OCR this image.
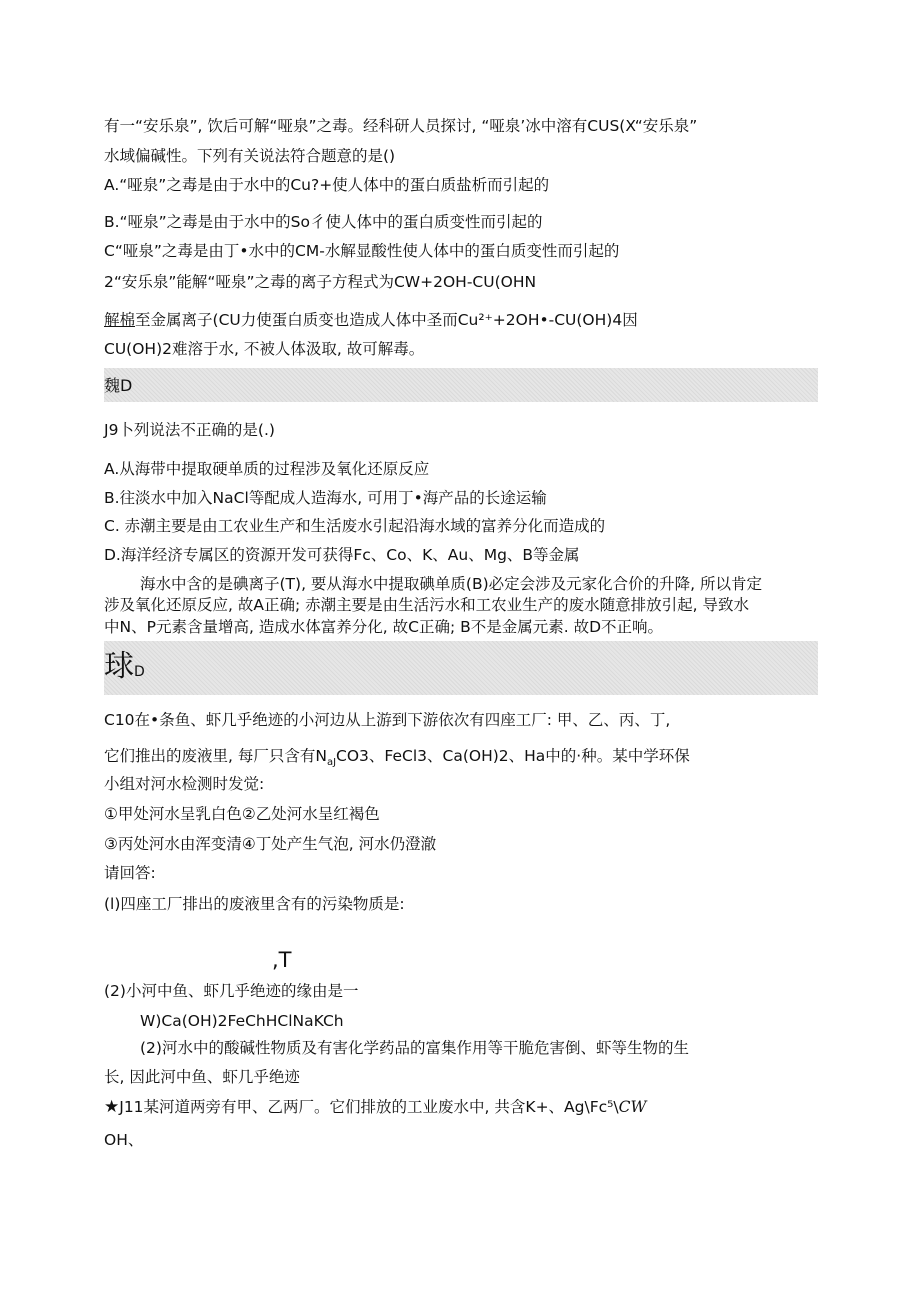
有一“安乐泉”, 饮后可解“哑泉”之毒。经科研人员探讨, “哑泉’冰中溶有CUS(X“安乐泉”
水域偏碱性。下列有关说法符合题意的是()
A.“哑泉”之毒是由于水中的Cu?+使人体中的蛋白质盐析而引起的
B.“哑泉”之毒是由于水中的So彳使人体中的蛋白质变性而引起的
C“哑泉”之毒是由丁•水中的CM-水解显酸性使人体中的蛋白质变性而引起的
2“安乐泉”能解“哑泉”之毒的离子方程式为CW+2OH-CU(OHN
解棉至金属离子(CU力使蛋白质变也造成人体中圣而Cu²⁺+2OH•-CU(OH)4因
CU(OH)2难溶于水, 不被人体汲取, 故可解毒。
魏D
J9卜列说法不正确的是(.)
A.从海带中提取硬单质的过程涉及氧化还原反应
B.往淡水中加入NaCl等配成人造海水, 可用丁•海产品的长途运输
C. 赤潮主要是由工农业生产和生活废水引起沿海水域的富养分化而造成的
D.海洋经济专属区的资源开发可获得Fc、Co、K、Au、Mg、B等金属
海水中含的是碘离子(T), 要从海水中提取碘单质(B)必定会涉及元家化合价的升降, 所以肯定
涉及氧化还原反应, 故A正确; 赤潮主要是由生活污水和工农业生产的废水随意排放引起, 导致水
中N、P元素含量增高, 造成水体富养分化, 故C正确; B不是金属元素. 故D不正响。
球D
C10在•条鱼、虾几乎绝迹的小河边从上游到下游依次有四座工厂: 甲、乙、丙、丁,
它们推出的废液里, 每厂只含有$N_{aJ}CO3$、FeCl3、Ca(OH)2、Ha中的·种。某中学环保
小组对河水检测时发觉:
①甲处河水呈乳白色②乙处河水呈红褐色
③丙处河水由浑变清④丁处产生气泡, 河水仍澄澈
请回答:
(l)四座工厂排出的废液里含有的污染物质是:
,T
(2)小河中鱼、虾几乎绝迹的缘由是一
W)Ca(OH)2FeChHClNaKCh
(2)河水中的酸碱性物质及有害化学药品的富集作用等干脆危害倒、虾等生物的生
长, 因此河中鱼、虾几乎绝迹
★J11某河道两旁有甲、乙两厂。它们排放的工业废水中, 共含K+、Ag\Fc⁵\CW
OH、
